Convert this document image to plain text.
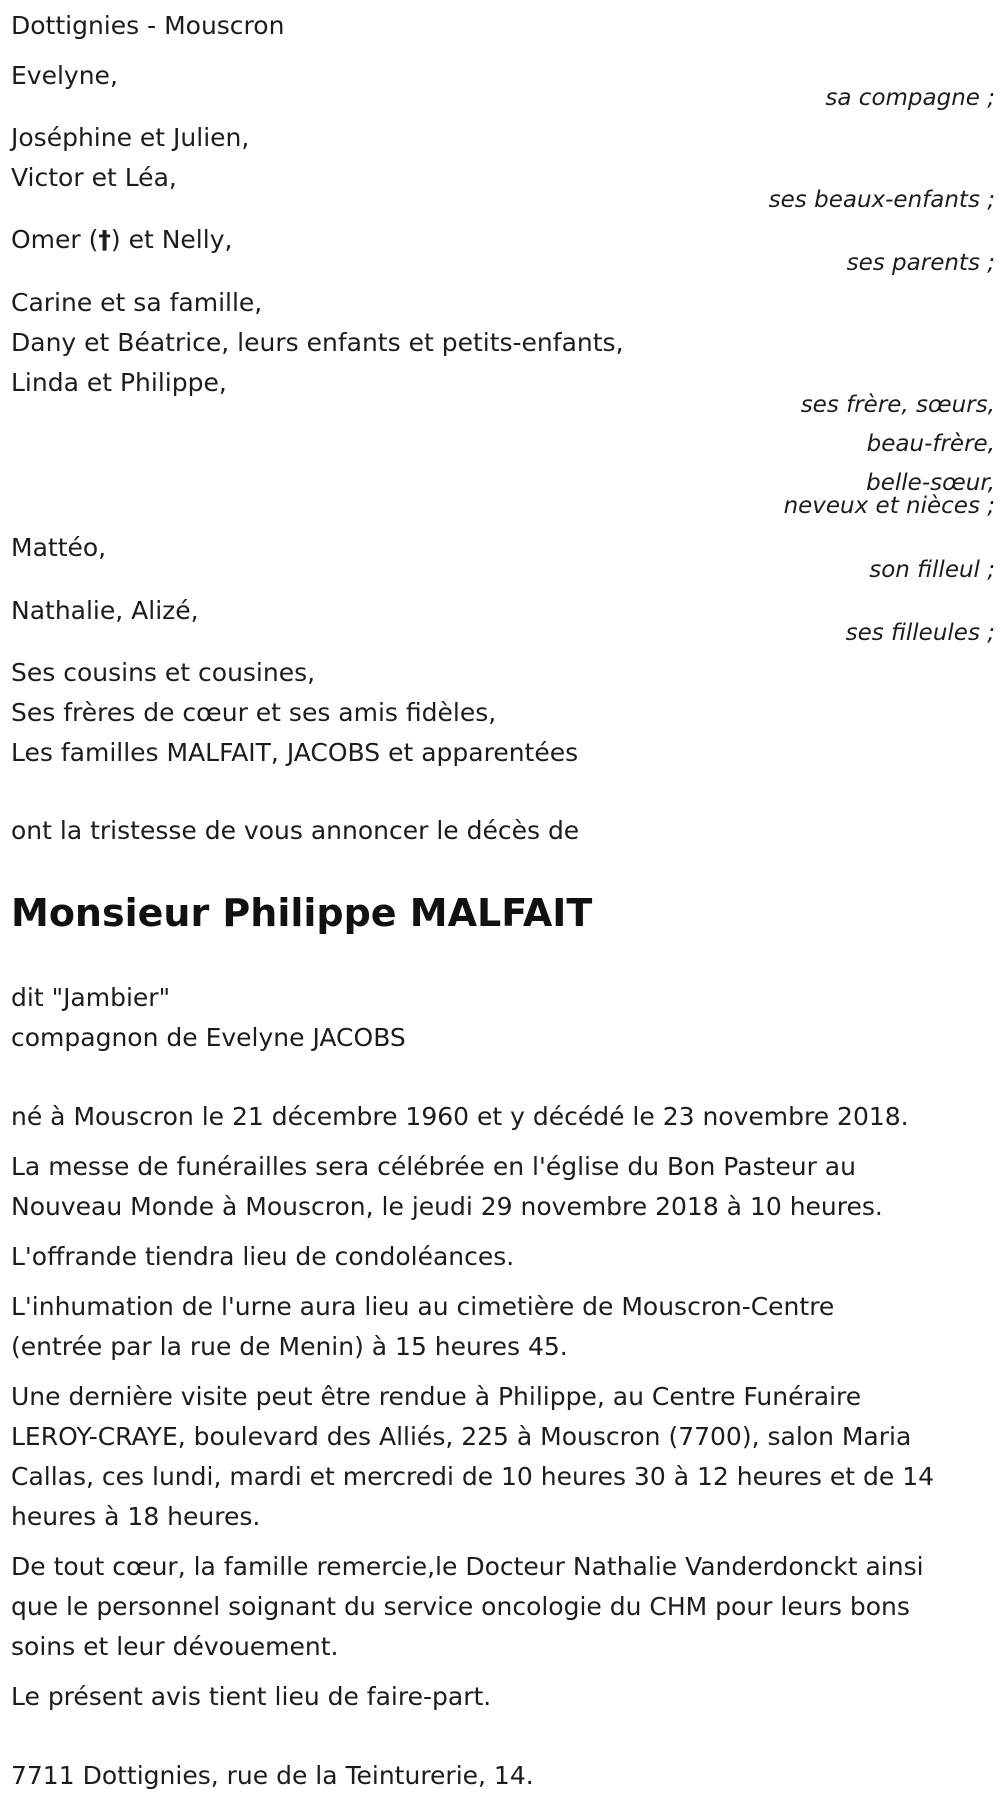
Dottignies - Mouscron
Evelyne,
sa compagne ;
Joséphine et Julien,
Victor et Léa,
ses beaux-enfants ;
Omer (†) et Nelly,
ses parents ;
Carine et sa famille,
Dany et Béatrice, leurs enfants et petits-enfants,
Linda et Philippe,
ses frère, sœurs,
beau-frère,
belle-sœur,
neveux et nièces ;
Mattéo,
son filleul ;
Nathalie, Alizé,
ses filleules ;
Ses cousins et cousines,
Ses frères de cœur et ses amis fidèles,
Les familles MALFAIT, JACOBS et apparentées
ont la tristesse de vous annoncer le décès de
Monsieur Philippe MALFAIT
dit "Jambier"
compagnon de Evelyne JACOBS
né à Mouscron le 21 décembre 1960 et y décédé le 23 novembre 2018.
La messe de funérailles sera célébrée en l'église du Bon Pasteur au
Nouveau Monde à Mouscron, le jeudi 29 novembre 2018 à 10 heures.
L'offrande tiendra lieu de condoléances.
L'inhumation de l'urne aura lieu au cimetière de Mouscron-Centre
(entrée par la rue de Menin) à 15 heures 45.
Une dernière visite peut être rendue à Philippe, au Centre Funéraire
LEROY-CRAYE, boulevard des Alliés, 225 à Mouscron (7700), salon Maria
Callas, ces lundi, mardi et mercredi de 10 heures 30 à 12 heures et de 14
heures à 18 heures.
De tout cœur, la famille remercie,le Docteur Nathalie Vanderdonckt ainsi
que le personnel soignant du service oncologie du CHM pour leurs bons
soins et leur dévouement.
Le présent avis tient lieu de faire-part.
7711 Dottignies, rue de la Teinturerie, 14.
